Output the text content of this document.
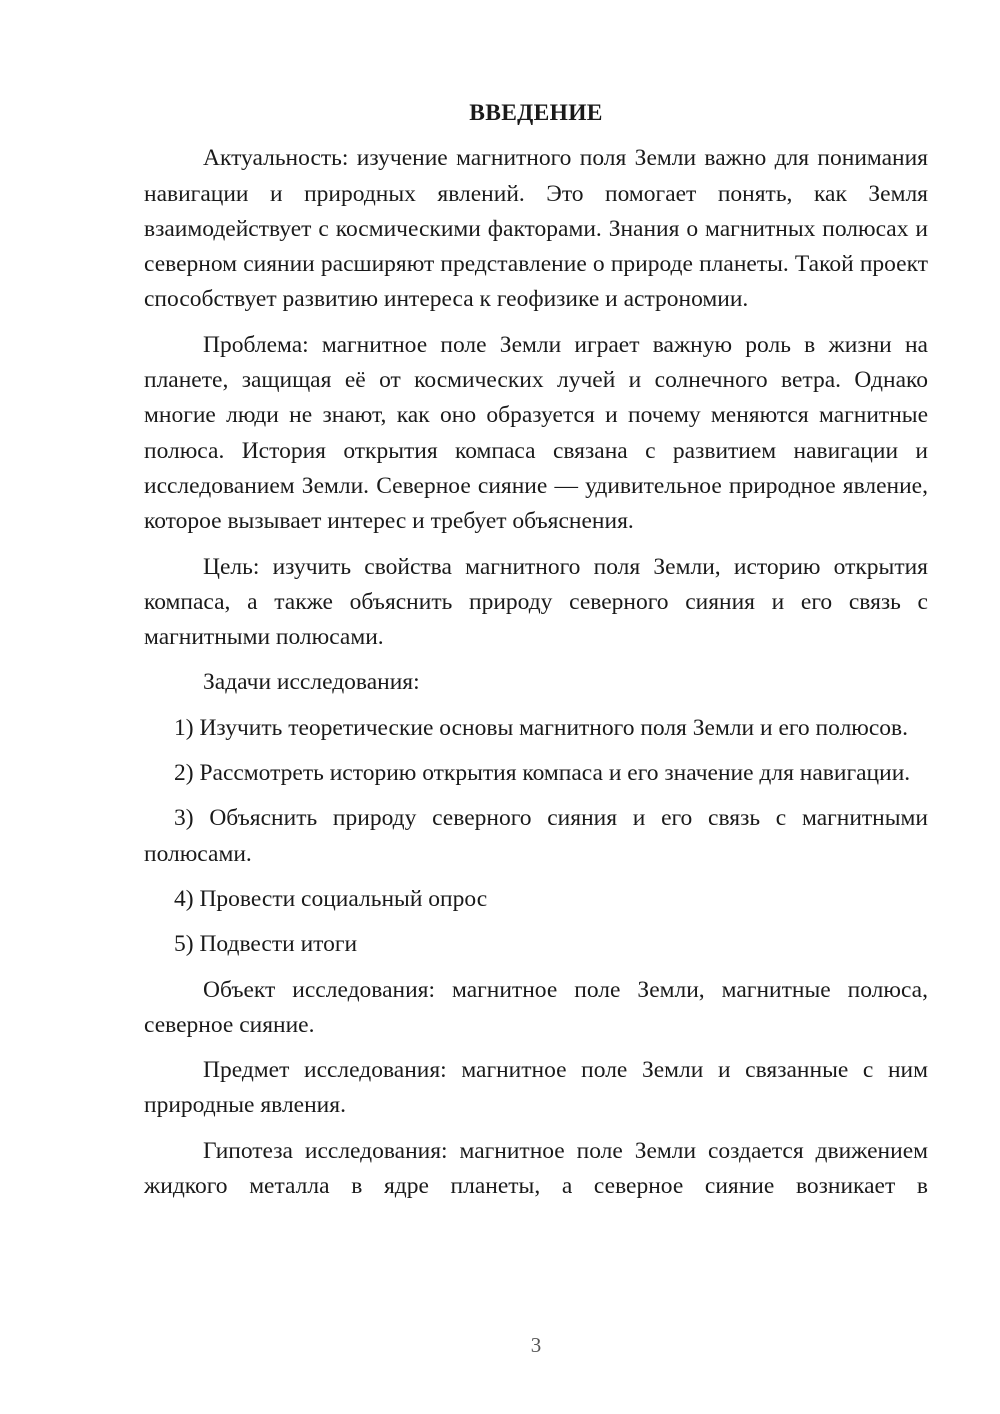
ВВЕДЕНИЕ

Актуальность: изучение магнитного поля Земли важно для понимания навигации и природных явлений. Это помогает понять, как Земля взаимодействует с космическими факторами. Знания о магнитных полюсах и северном сиянии расширяют представление о природе планеты. Такой проект способствует развитию интереса к геофизике и астрономии.

Проблема: магнитное поле Земли играет важную роль в жизни на планете, защищая её от космических лучей и солнечного ветра. Однако многие люди не знают, как оно образуется и почему меняются магнитные полюса. История открытия компаса связана с развитием навигации и исследованием Земли. Северное сияние — удивительное природное явление, которое вызывает интерес и требует объяснения.

Цель: изучить свойства магнитного поля Земли, историю открытия компаса, а также объяснить природу северного сияния и его связь с магнитными полюсами.

Задачи исследования:

1) Изучить теоретические основы магнитного поля Земли и его полюсов.

2) Рассмотреть историю открытия компаса и его значение для навигации.

3) Объяснить природу северного сияния и его связь с магнитными полюсами.

4) Провести социальный опрос

5) Подвести итоги

Объект исследования: магнитное поле Земли, магнитные полюса, северное сияние.

Предмет исследования: магнитное поле Земли и связанные с ним природные явления.

Гипотеза исследования: магнитное поле Земли создается движением жидкого металла в ядре планеты, а северное сияние возникает в

3
